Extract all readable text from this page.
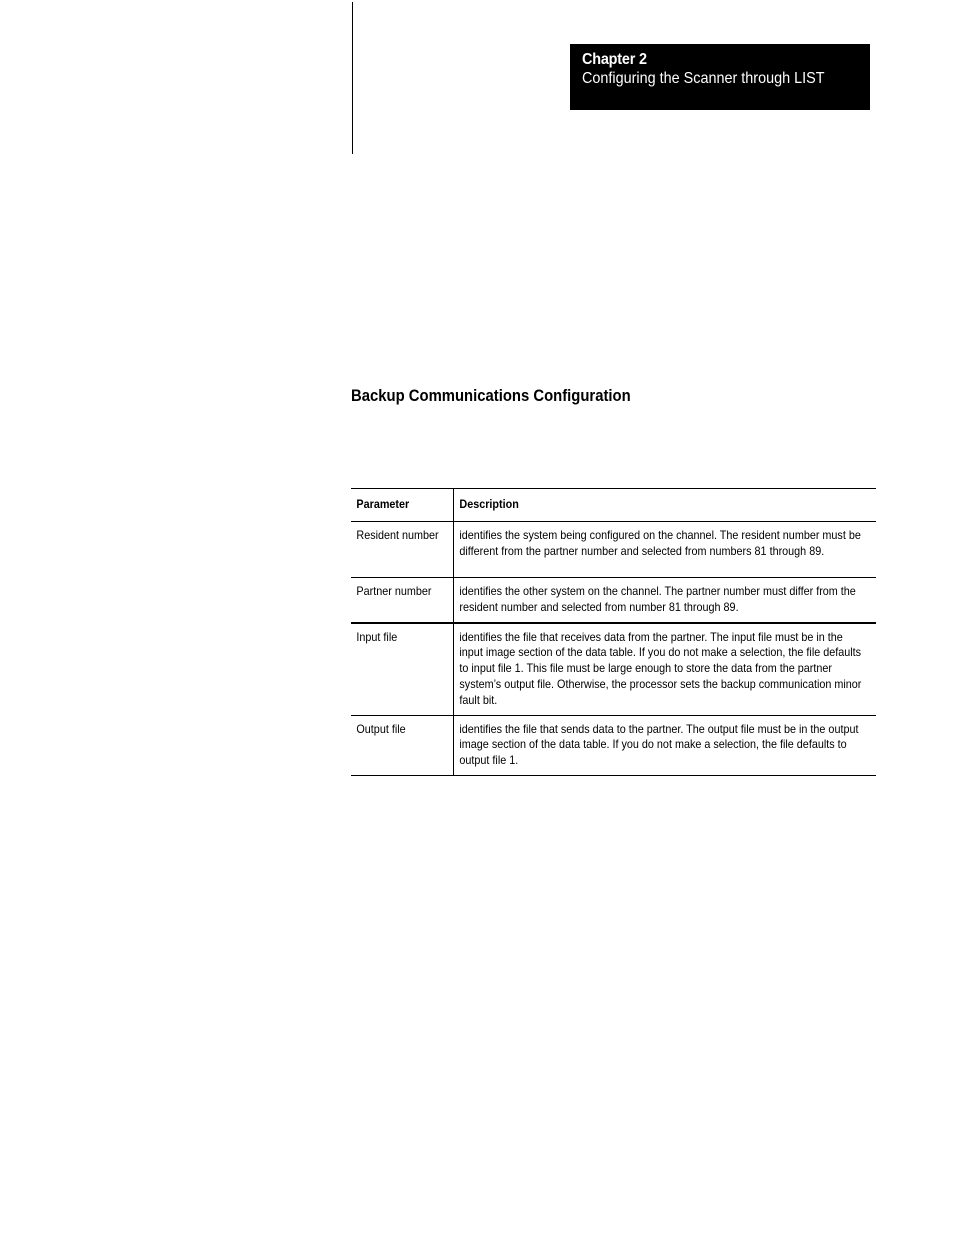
Chapter 2
Configuring the Scanner through LIST
Backup Communications Configuration
Parameter	Description

Resident number	identifies the system being configured on the channel. The resident number must be different from the partner number and selected from numbers 81 through 89.

Partner number	identifies the other system on the channel. The partner number must differ from the resident number and selected from number 81 through 89.

Input file	identifies the file that receives data from the partner. The input file must be in the input image section of the data table. If you do not make a selection, the file defaults to input file 1. This file must be large enough to store the data from the partner system’s output file. Otherwise, the processor sets the backup communication minor fault bit.

Output file	identifies the file that sends data to the partner. The output file must be in the output image section of the data table. If you do not make a selection, the file defaults to output file 1.
